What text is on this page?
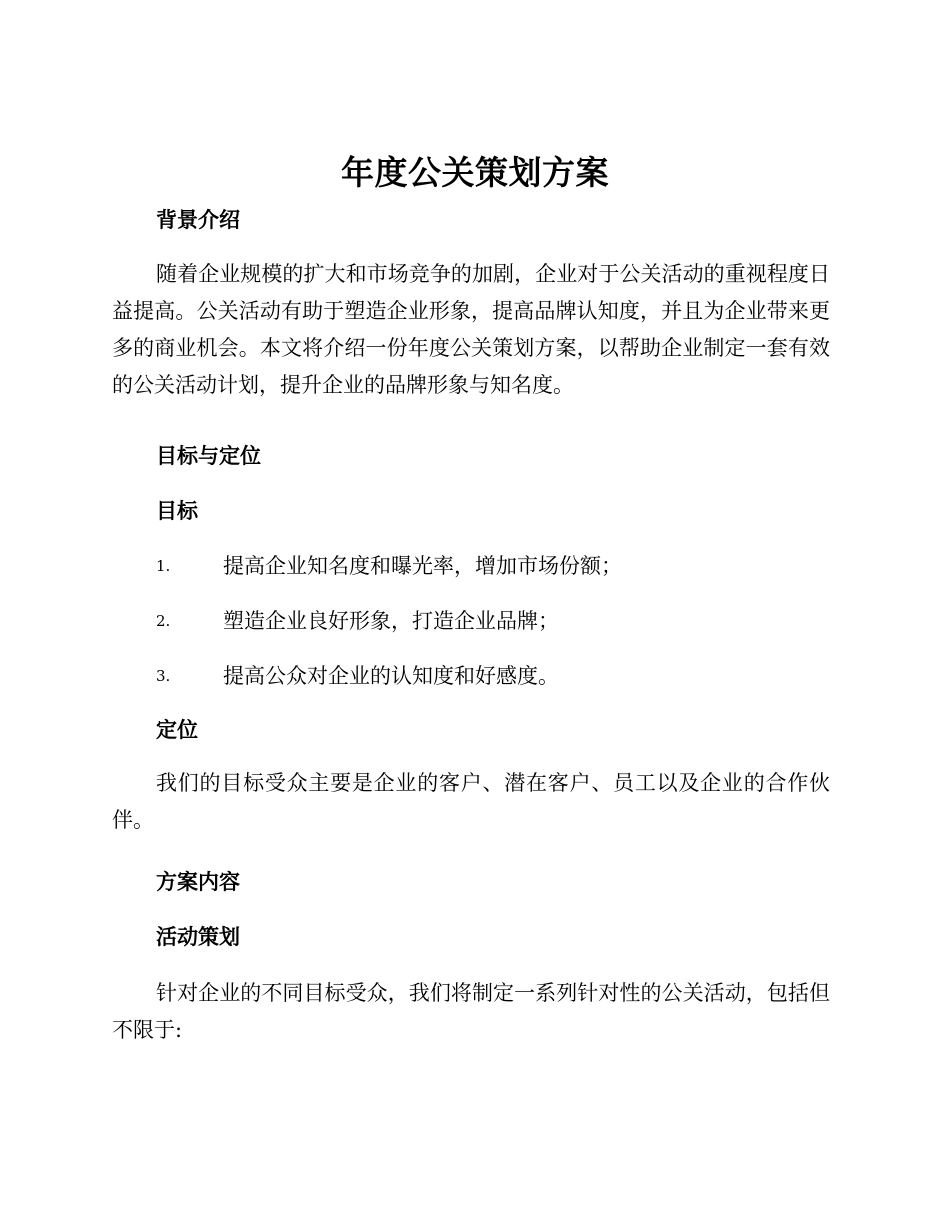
年度公关策划方案
背景介绍
随着企业规模的扩大和市场竞争的加剧，企业对于公关活动的重视程度日益提高。公关活动有助于塑造企业形象，提高品牌认知度，并且为企业带来更多的商业机会。本文将介绍一份年度公关策划方案，以帮助企业制定一套有效的公关活动计划，提升企业的品牌形象与知名度。
目标与定位
目标
1.	提高企业知名度和曝光率，增加市场份额；
2.	塑造企业良好形象，打造企业品牌；
3.	提高公众对企业的认知度和好感度。
定位
我们的目标受众主要是企业的客户、潜在客户、员工以及企业的合作伙伴。
方案内容
活动策划
针对企业的不同目标受众，我们将制定一系列针对性的公关活动，包括但不限于:
